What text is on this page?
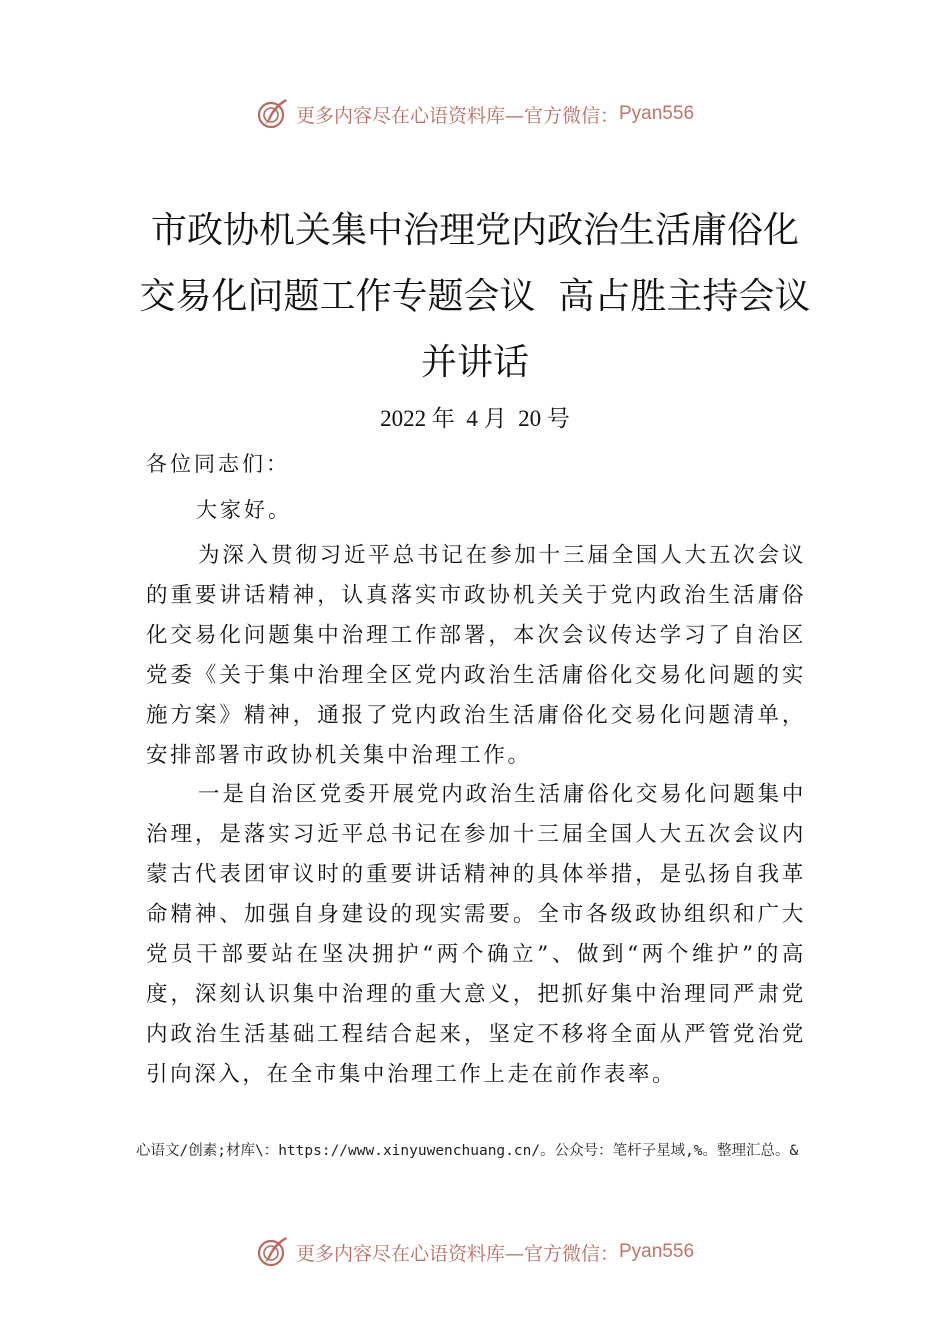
更多内容尽在心语资料库—官方微信： Pyan556
市政协机关集中治理党内政治生活庸俗化
交易化问题工作专题会议  高占胜主持会议
并讲话
2022 年  4 月  20 号
各位同志们：
大家好。

为深入贯彻习近平总书记在参加十三届全国人大五次会议的重要讲话精神，认真落实市政协机关关于党内政治生活庸俗化交易化问题集中治理工作部署，本次会议传达学习了自治区党委《关于集中治理全区党内政治生活庸俗化交易化问题的实施方案》精神，通报了党内政治生活庸俗化交易化问题清单，安排部署市政协机关集中治理工作。

一是自治区党委开展党内政治生活庸俗化交易化问题集中治理，是落实习近平总书记在参加十三届全国人大五次会议内蒙古代表团审议时的重要讲话精神的具体举措，是弘扬自我革命精神、加强自身建设的现实需要。全市各级政协组织和广大党员干部要站在坚决拥护“两个确立”、做到“两个维护”的高度，深刻认识集中治理的重大意义，把抓好集中治理同严肃党内政治生活基础工程结合起来，坚定不移将全面从严管党治党引向深入，在全市集中治理工作上走在前作表率。

心语文/创素;材库\：https://www.xinyuwenchuang.cn/。公众号：笔杆子星域,%。整理汇总。&

更多内容尽在心语资料库—官方微信： Pyan556
